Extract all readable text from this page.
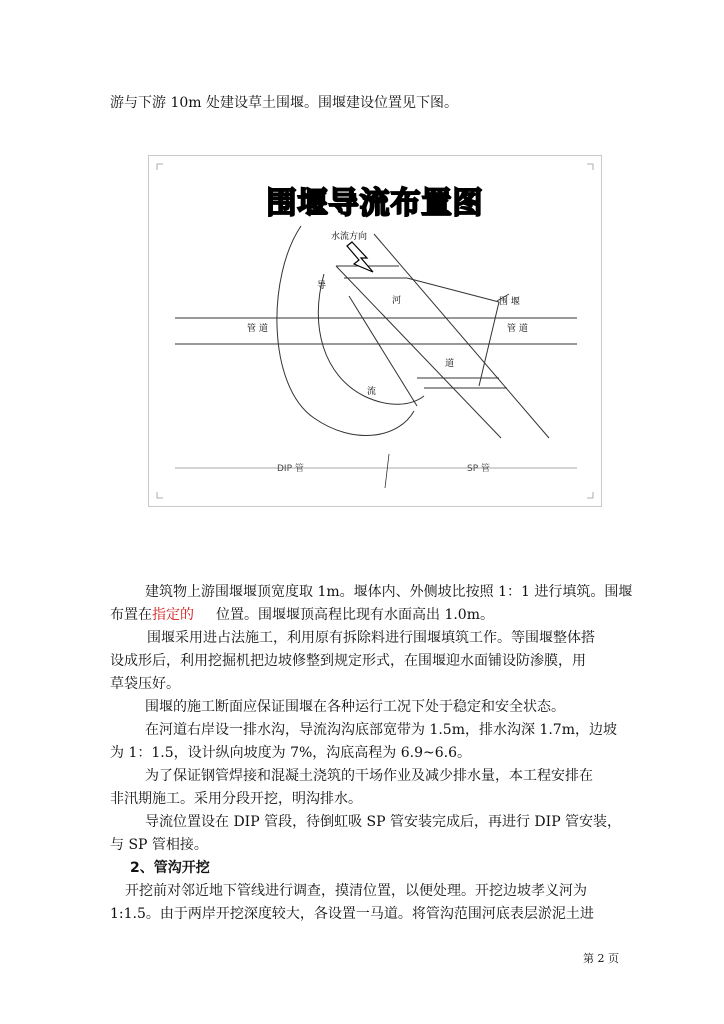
游与下游 10m 处建设草土围堰。围堰建设位置见下图。
围堰导流布置图
水流方向
导
河	围 堰
管 道	管 道
道
流
DIP 管	SP 管
建筑物上游围堰堰顶宽度取 1m。堰体内、外侧坡比按照 1：1 进行填筑。围堰
布置在指定的 位置。围堰堰顶高程比现有水面高出 1.0m。
围堰采用进占法施工，利用原有拆除料进行围堰填筑工作。等围堰整体搭
设成形后，利用挖掘机把边坡修整到规定形式，在围堰迎水面铺设防渗膜，用
草袋压好。
围堰的施工断面应保证围堰在各种运行工况下处于稳定和安全状态。
在河道右岸设一排水沟，导流沟沟底部宽带为 1.5m，排水沟深 1.7m，边坡
为 1：1.5，设计纵向坡度为 7%，沟底高程为 6.9~6.6。
为了保证钢管焊接和混凝土浇筑的干场作业及减少排水量，本工程安排在
非汛期施工。采用分段开挖，明沟排水。
导流位置设在 DIP 管段，待倒虹吸 SP 管安装完成后，再进行 DIP 管安装，
与 SP 管相接。
2、管沟开挖
开挖前对邻近地下管线进行调查，摸清位置，以便处理。开挖边坡孝义河为
1:1.5。由于两岸开挖深度较大，各设置一马道。将管沟范围河底表层淤泥土进
第 2 页
